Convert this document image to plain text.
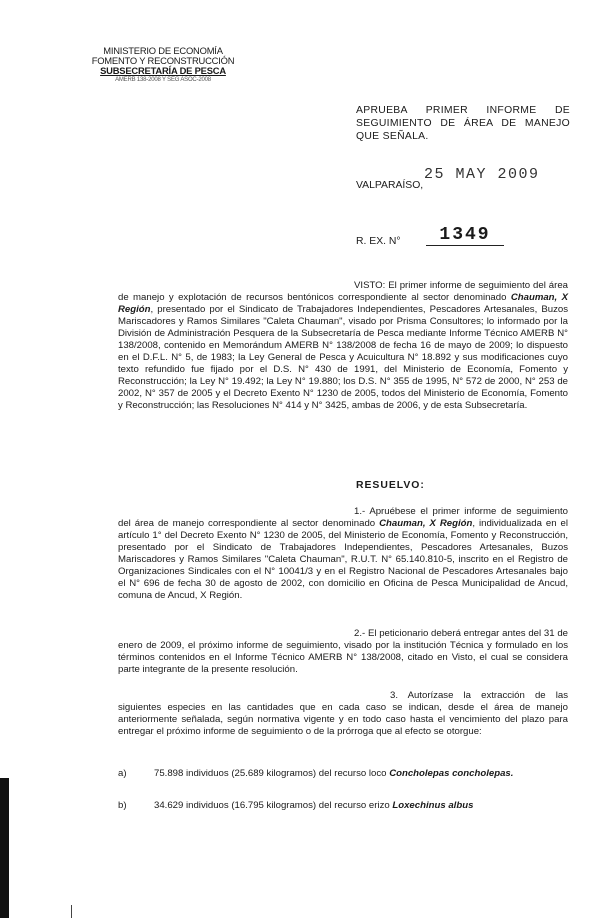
MINISTERIO DE ECONOMÍA
FOMENTO Y RECONSTRUCCIÓN
SUBSECRETARÍA DE PESCA
AMERB 138-2008 Y SEG ASOC-2008
APRUEBA PRIMER INFORME DE SEGUIMIENTO DE ÁREA DE MANEJO QUE SEÑALA.
VALPARAÍSO,
25 MAY 2009
R. EX. N°	1349

VISTO: El primer informe de seguimiento del área de manejo y explotación de recursos bentónicos correspondiente al sector denominado Chauman, X Región, presentado por el Sindicato de Trabajadores Independientes, Pescadores Artesanales, Buzos Mariscadores y Ramos Similares "Caleta Chauman", visado por Prisma Consultores; lo informado por la División de Administración Pesquera de la Subsecretaría de Pesca mediante Informe Técnico AMERB N° 138/2008, contenido en Memorándum AMERB N° 138/2008 de fecha 16 de mayo de 2009; lo dispuesto en el D.F.L. N° 5, de 1983; la Ley General de Pesca y Acuicultura N° 18.892 y sus modificaciones cuyo texto refundido fue fijado por el D.S. N° 430 de 1991, del Ministerio de Economía, Fomento y Reconstrucción; la Ley N° 19.492; la Ley N° 19.880; los D.S. N° 355 de 1995, N° 572 de 2000, N° 253 de 2002, N° 357 de 2005 y el Decreto Exento N° 1230 de 2005, todos del Ministerio de Economía, Fomento y Reconstrucción; las Resoluciones N° 414 y N° 3425, ambas de 2006, y de esta Subsecretaría.

RESUELVO:

1.- Apruébese el primer informe de seguimiento del área de manejo correspondiente al sector denominado Chauman, X Región, individualizada en el artículo 1° del Decreto Exento N° 1230 de 2005, del Ministerio de Economía, Fomento y Reconstrucción, presentado por el Sindicato de Trabajadores Independientes, Pescadores Artesanales, Buzos Mariscadores y Ramos Similares "Caleta Chauman", R.U.T. N° 65.140.810-5, inscrito en el Registro de Organizaciones Sindicales con el N° 10041/3 y en el Registro Nacional de Pescadores Artesanales bajo el N° 696 de fecha 30 de agosto de 2002, con domicilio en Oficina de Pesca Municipalidad de Ancud, comuna de Ancud, X Región.

2.- El peticionario deberá entregar antes del 31 de enero de 2009, el próximo informe de seguimiento, visado por la institución Técnica y formulado en los términos contenidos en el Informe Técnico AMERB N° 138/2008, citado en Visto, el cual se considera parte integrante de la presente resolución.

3. Autorízase la extracción de las siguientes especies en las cantidades que en cada caso se indican, desde el área de manejo anteriormente señalada, según normativa vigente y en todo caso hasta el vencimiento del plazo para entregar el próximo informe de seguimiento o de la prórroga que al efecto se otorgue:

a)	75.898 individuos (25.689 kilogramos) del recurso loco Concholepas concholepas.
b)	34.629 individuos (16.795 kilogramos) del recurso erizo Loxechinus albus
